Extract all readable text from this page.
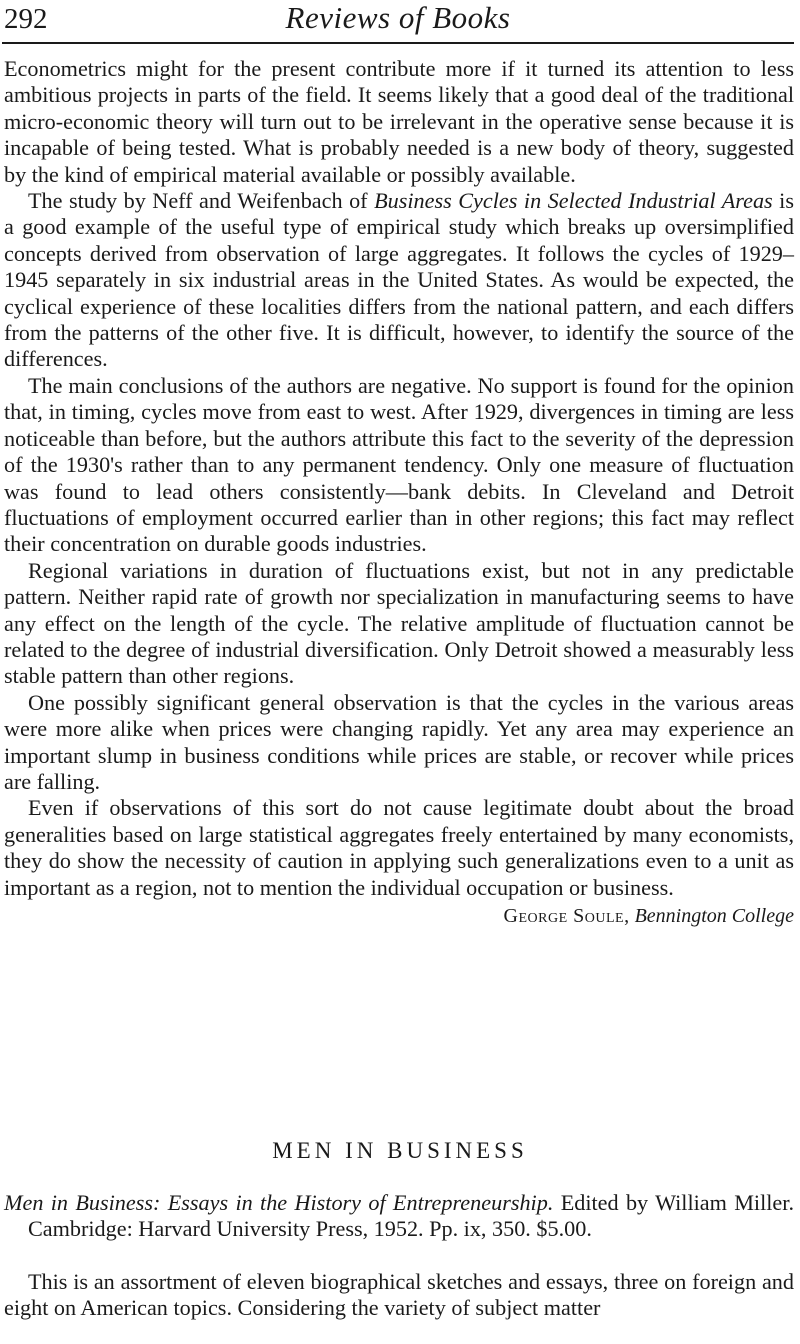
292	Reviews of Books

Econometrics might for the present contribute more if it turned its attention to less ambitious projects in parts of the field. It seems likely that a good deal of the traditional micro-economic theory will turn out to be irrelevant in the operative sense because it is incapable of being tested. What is probably needed is a new body of theory, suggested by the kind of empirical material available or possibly available.

The study by Neff and Weifenbach of Business Cycles in Selected Industrial Areas is a good example of the useful type of empirical study which breaks up oversimplified concepts derived from observation of large aggregates. It follows the cycles of 1929–1945 separately in six industrial areas in the United States. As would be expected, the cyclical experience of these localities differs from the national pattern, and each differs from the patterns of the other five. It is difficult, however, to identify the source of the differences.

The main conclusions of the authors are negative. No support is found for the opinion that, in timing, cycles move from east to west. After 1929, divergences in timing are less noticeable than before, but the authors attribute this fact to the severity of the depression of the 1930's rather than to any permanent tendency. Only one measure of fluctuation was found to lead others consistently—bank debits. In Cleveland and Detroit fluctuations of employment occurred earlier than in other regions; this fact may reflect their concentration on durable goods industries.

Regional variations in duration of fluctuations exist, but not in any predictable pattern. Neither rapid rate of growth nor specialization in manufacturing seems to have any effect on the length of the cycle. The relative amplitude of fluctuation cannot be related to the degree of industrial diversification. Only Detroit showed a measurably less stable pattern than other regions.

One possibly significant general observation is that the cycles in the various areas were more alike when prices were changing rapidly. Yet any area may experience an important slump in business conditions while prices are stable, or recover while prices are falling.

Even if observations of this sort do not cause legitimate doubt about the broad generalities based on large statistical aggregates freely entertained by many economists, they do show the necessity of caution in applying such generalizations even to a unit as important as a region, not to mention the individual occupation or business.

George Soule, Bennington College
MEN IN BUSINESS
Men in Business: Essays in the History of Entrepreneurship. Edited by William Miller. Cambridge: Harvard University Press, 1952. Pp. ix, 350. $5.00.

This is an assortment of eleven biographical sketches and essays, three on foreign and eight on American topics. Considering the variety of subject matter
